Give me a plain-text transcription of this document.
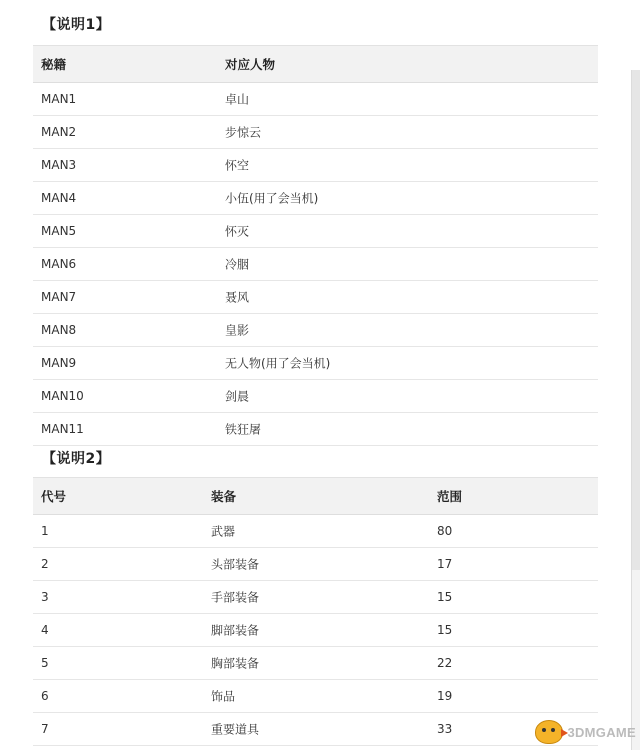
【说明1】
秘籍	对应人物
MAN1	卓山
MAN2	步惊云
MAN3	怀空
MAN4	小伍(用了会当机)
MAN5	怀灭
MAN6	冷胭
MAN7	聂风
MAN8	皇影
MAN9	无人物(用了会当机)
MAN10	剑晨
MAN11	铁狂屠
【说明2】
代号	装备	范围
1	武器	80
2	头部装备	17
3	手部装备	15
4	脚部装备	15
5	胸部装备	22
6	饰品	19
7	重要道具	33	3DMGAME
